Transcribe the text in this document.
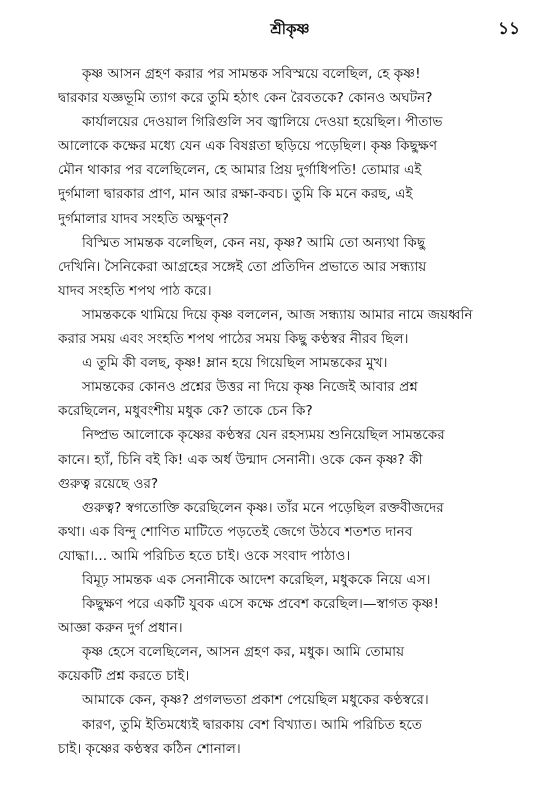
শ্রীকৃষ্ণ	১১
কৃষ্ণ আসন গ্রহণ করার পর সামন্তক সবিস্ময়ে বলেছিল, হে কৃষ্ণ!
দ্বারকার যজ্ঞভূমি ত্যাগ করে তুমি হঠাৎ কেন রৈবতকে? কোনও অঘটন?
কার্যালয়ের দেওয়াল গিরিগুলি সব জ্বালিয়ে দেওয়া হয়েছিল। পীতাভ
আলোকে কক্ষের মধ্যে যেন এক বিষণ্ণতা ছড়িয়ে পড়েছিল। কৃষ্ণ কিছুক্ষণ
মৌন থাকার পর বলেছিলেন, হে আমার প্রিয় দুর্গাধিপতি! তোমার এই
দুর্গমালা দ্বারকার প্রাণ, মান আর রক্ষা-কবচ। তুমি কি মনে করছ, এই
দুর্গমালার যাদব সংহতি অক্ষুণ্ন?
বিস্মিত সামন্তক বলেছিল, কেন নয়, কৃষ্ণ? আমি তো অন্যথা কিছু
দেখিনি। সৈনিকেরা আগ্রহের সঙ্গেই তো প্রতিদিন প্রভাতে আর সন্ধ্যায়
যাদব সংহতি শপথ পাঠ করে।
সামন্তককে থামিয়ে দিয়ে কৃষ্ণ বললেন, আজ সন্ধ্যায় আমার নামে জয়ধ্বনি
করার সময় এবং সংহতি শপথ পাঠের সময় কিছু কণ্ঠস্বর নীরব ছিল।
এ তুমি কী বলছ, কৃষ্ণ! ম্লান হয়ে গিয়েছিল সামন্তকের মুখ।
সামন্তকের কোনও প্রশ্নের উত্তর না দিয়ে কৃষ্ণ নিজেই আবার প্রশ্ন
করেছিলেন, মধুবংশীয় মধুক কে? তাকে চেন কি?
নিষ্প্রভ আলোকে কৃষ্ণের কণ্ঠস্বর যেন রহস্যময় শুনিয়েছিল সামন্তকের
কানে। হ্যাঁ, চিনি বই কি! এক অর্ধ উন্মাদ সেনানী। ওকে কেন কৃষ্ণ? কী
গুরুত্ব রয়েছে ওর?
গুরুত্ব? স্বগতোক্তি করেছিলেন কৃষ্ণ। তাঁর মনে পড়েছিল রক্তবীজদের
কথা। এক বিন্দু শোণিত মাটিতে পড়তেই জেগে উঠবে শতশত দানব
যোদ্ধা।... আমি পরিচিত হতে চাই। ওকে সংবাদ পাঠাও।
বিমূঢ় সামন্তক এক সেনানীকে আদেশ করেছিল, মধুককে নিয়ে এস।
কিছুক্ষণ পরে একটি যুবক এসে কক্ষে প্রবেশ করেছিল।—স্বাগত কৃষ্ণ!
আজ্ঞা করুন দুর্গ প্রধান।
কৃষ্ণ হেসে বলেছিলেন, আসন গ্রহণ কর, মধুক। আমি তোমায়
কয়েকটি প্রশ্ন করতে চাই।
আমাকে কেন, কৃষ্ণ? প্রগলভতা প্রকাশ পেয়েছিল মধুকের কণ্ঠস্বরে।
কারণ, তুমি ইতিমধ্যেই দ্বারকায় বেশ বিখ্যাত। আমি পরিচিত হতে
চাই। কৃষ্ণের কণ্ঠস্বর কঠিন শোনাল।
